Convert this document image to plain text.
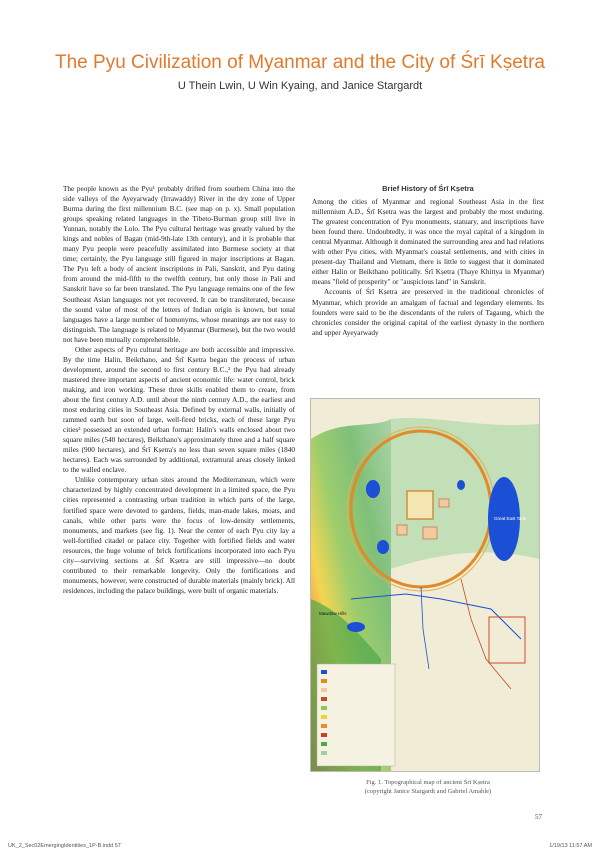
The Pyu Civilization of Myanmar and the City of Śrī Kṣetra
U Thein Lwin, U Win Kyaing, and Janice Stargardt

The people known as the Pyu¹ probably drifted from southern China into the side valleys of the Ayeyarwady (Irrawaddy) River in the dry zone of Upper Burma during the first millennium B.C. (see map on p. x). Small population groups speaking related languages in the Tibeto-Burman group still live in Yunnan, notably the Lolo. The Pyu cultural heritage was greatly valued by the kings and nobles of Bagan (mid-9th-late 13th century), and it is probable that many Pyu people were peacefully assimilated into Burmese society at that time; certainly, the Pyu language still figured in major inscriptions at Bagan. The Pyu left a body of ancient inscriptions in Pali, Sanskrit, and Pyu dating from around the mid-fifth to the twelfth century, but only those in Pali and Sanskrit have so far been translated. The Pyu language remains one of the few Southeast Asian languages not yet recovered. It can be transliterated, because the sound value of most of the letters of Indian origin is known, but tonal languages have a large number of homonyms, whose meanings are not easy to distinguish. The language is related to Myanmar (Burmese), but the two would not have been mutually comprehensible.

Other aspects of Pyu cultural heritage are both accessible and impressive. By the time Halin, Beikthano, and Śrī Kṣetra began the process of urban development, around the second to first century B.C.,² the Pyu had already mastered three important aspects of ancient economic life: water control, brick making, and iron working. These three skills enabled them to create, from about the first century A.D. until about the ninth century A.D., the earliest and most enduring cities in Southeast Asia. Defined by external walls, initially of rammed earth but soon of large, well-fired bricks, each of these large Pyu cities³ possessed an extended urban format: Halin's walls enclosed about two square miles (540 hectares), Beikthano's approximately three and a half square miles (900 hectares), and Śrī Kṣetra's no less than seven square miles (1840 hectares). Each was surrounded by additional, extramural areas closely linked to the walled enclave.

Unlike contemporary urban sites around the Mediterranean, which were characterized by highly concentrated development in a limited space, the Pyu cities represented a contrasting urban tradition in which parts of the large, fortified space were devoted to gardens, fields, man-made lakes, moats, and canals, while other parts were the focus of low-density settlements, monuments, and markets (see fig. 1). Near the center of each Pyu city lay a well-fortified citadel or palace city. Together with fortified fields and water resources, the huge volume of brick fortifications incorporated into each Pyu city—surviving sections at Śrī Kṣetra are still impressive—no doubt contributed to their remarkable longevity. Only the fortifications and monuments, however, were constructed of durable materials (mainly brick). All residences, including the palace buildings, were built of organic materials.

Brief History of Śrī Kṣetra

Among the cities of Myanmar and regional Southeast Asia in the first millennium A.D., Śrī Kṣetra was the largest and probably the most enduring. The greatest concentration of Pyu monuments, statuary, and inscriptions have been found there. Undoubtedly, it was once the royal capital of a kingdom in central Myanmar. Although it dominated the surrounding area and had relations with other Pyu cities, with Myanmar's coastal settlements, and with cities in present-day Thailand and Vietnam, there is little to suggest that it dominated either Halin or Beikthano politically. Śrī Kṣetra (Thaye Khittya in Myanmar) means "field of prosperity" or "auspicious land" in Sanskrit.

Accounts of Śrī Kṣetra are preserved in the traditional chronicles of Myanmar, which provide an amalgam of factual and legendary elements. Its founders were said to be the descendants of the rulers of Tagaung, which the chronicles consider the original capital of the earliest dynasty in the northern and upper Ayeyarwady

Great East Tank
Mawdaw Hills
Fig. 1. Topographical map of ancient Śrī Kṣetra
(copyright Janice Stargardt and Gabriel Amable)
57
UK_2_Sec02EmergingIdentities_1P-B.indd 57	1/19/13 11:57 AM
